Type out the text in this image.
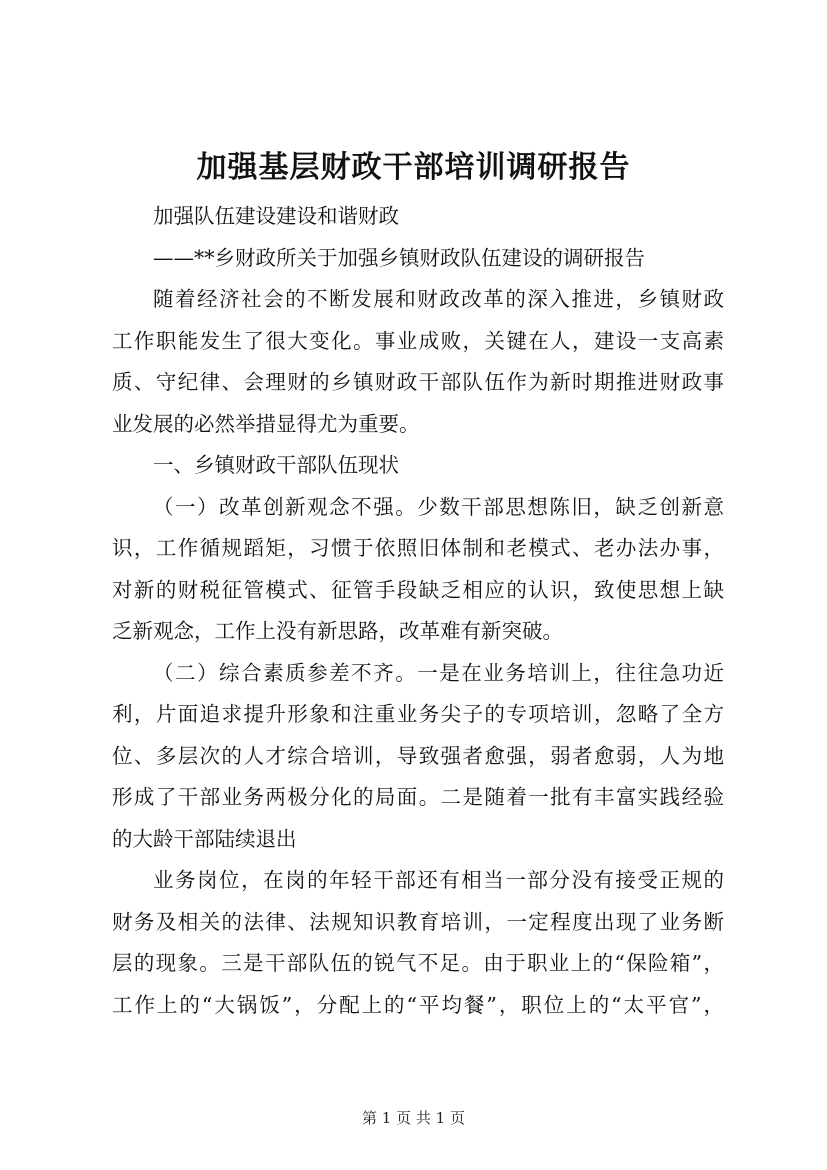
加强基层财政干部培训调研报告

加强队伍建设建设和谐财政

——**乡财政所关于加强乡镇财政队伍建设的调研报告

随着经济社会的不断发展和财政改革的深入推进，乡镇财政

工作职能发生了很大变化。事业成败，关键在人，建设一支高素

质、守纪律、会理财的乡镇财政干部队伍作为新时期推进财政事

业发展的必然举措显得尤为重要。

一、乡镇财政干部队伍现状

（一）改革创新观念不强。少数干部思想陈旧，缺乏创新意

识，工作循规蹈矩，习惯于依照旧体制和老模式、老办法办事，

对新的财税征管模式、征管手段缺乏相应的认识，致使思想上缺

乏新观念，工作上没有新思路，改革难有新突破。

（二）综合素质参差不齐。一是在业务培训上，往往急功近

利，片面追求提升形象和注重业务尖子的专项培训，忽略了全方

位、多层次的人才综合培训，导致强者愈强，弱者愈弱，人为地

形成了干部业务两极分化的局面。二是随着一批有丰富实践经验

的大龄干部陆续退出

业务岗位，在岗的年轻干部还有相当一部分没有接受正规的

财务及相关的法律、法规知识教育培训，一定程度出现了业务断

层的现象。三是干部队伍的锐气不足。由于职业上的“保险箱”，

工作上的“大锅饭”，分配上的“平均餐”，职位上的“太平官”，

第 1 页 共 1 页
